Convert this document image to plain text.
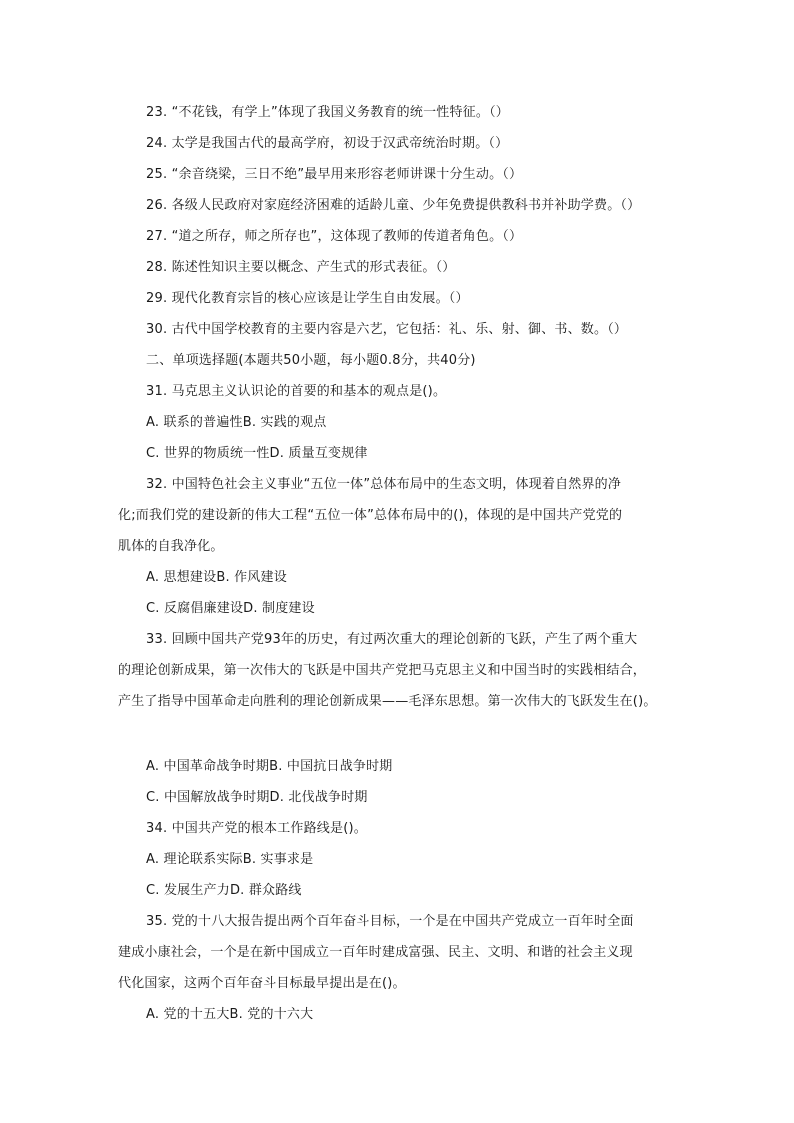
23. “不花钱，有学上”体现了我国义务教育的统一性特征。（）
24. 太学是我国古代的最高学府，初设于汉武帝统治时期。（）
25. “余音绕梁，三日不绝”最早用来形容老师讲课十分生动。（）
26. 各级人民政府对家庭经济困难的适龄儿童、少年免费提供教科书并补助学费。（）
27. “道之所存，师之所存也”，这体现了教师的传道者角色。（）
28. 陈述性知识主要以概念、产生式的形式表征。（）
29. 现代化教育宗旨的核心应该是让学生自由发展。（）
30. 古代中国学校教育的主要内容是六艺，它包括：礼、乐、射、御、书、数。（）
二、单项选择题(本题共50小题，每小题0.8分，共40分)
31. 马克思主义认识论的首要的和基本的观点是()。
A. 联系的普遍性B. 实践的观点
C. 世界的物质统一性D. 质量互变规律
32. 中国特色社会主义事业“五位一体”总体布局中的生态文明，体现着自然界的净
化;而我们党的建设新的伟大工程“五位一体”总体布局中的()，体现的是中国共产党党的
肌体的自我净化。
A. 思想建设B. 作风建设
C. 反腐倡廉建设D. 制度建设
33. 回顾中国共产党93年的历史，有过两次重大的理论创新的飞跃，产生了两个重大
的理论创新成果，第一次伟大的飞跃是中国共产党把马克思主义和中国当时的实践相结合，
产生了指导中国革命走向胜利的理论创新成果——毛泽东思想。第一次伟大的飞跃发生在()。
A. 中国革命战争时期B. 中国抗日战争时期
C. 中国解放战争时期D. 北伐战争时期
34. 中国共产党的根本工作路线是()。
A. 理论联系实际B. 实事求是
C. 发展生产力D. 群众路线
35. 党的十八大报告提出两个百年奋斗目标，一个是在中国共产党成立一百年时全面
建成小康社会，一个是在新中国成立一百年时建成富强、民主、文明、和谐的社会主义现
代化国家，这两个百年奋斗目标最早提出是在()。
A. 党的十五大B. 党的十六大
